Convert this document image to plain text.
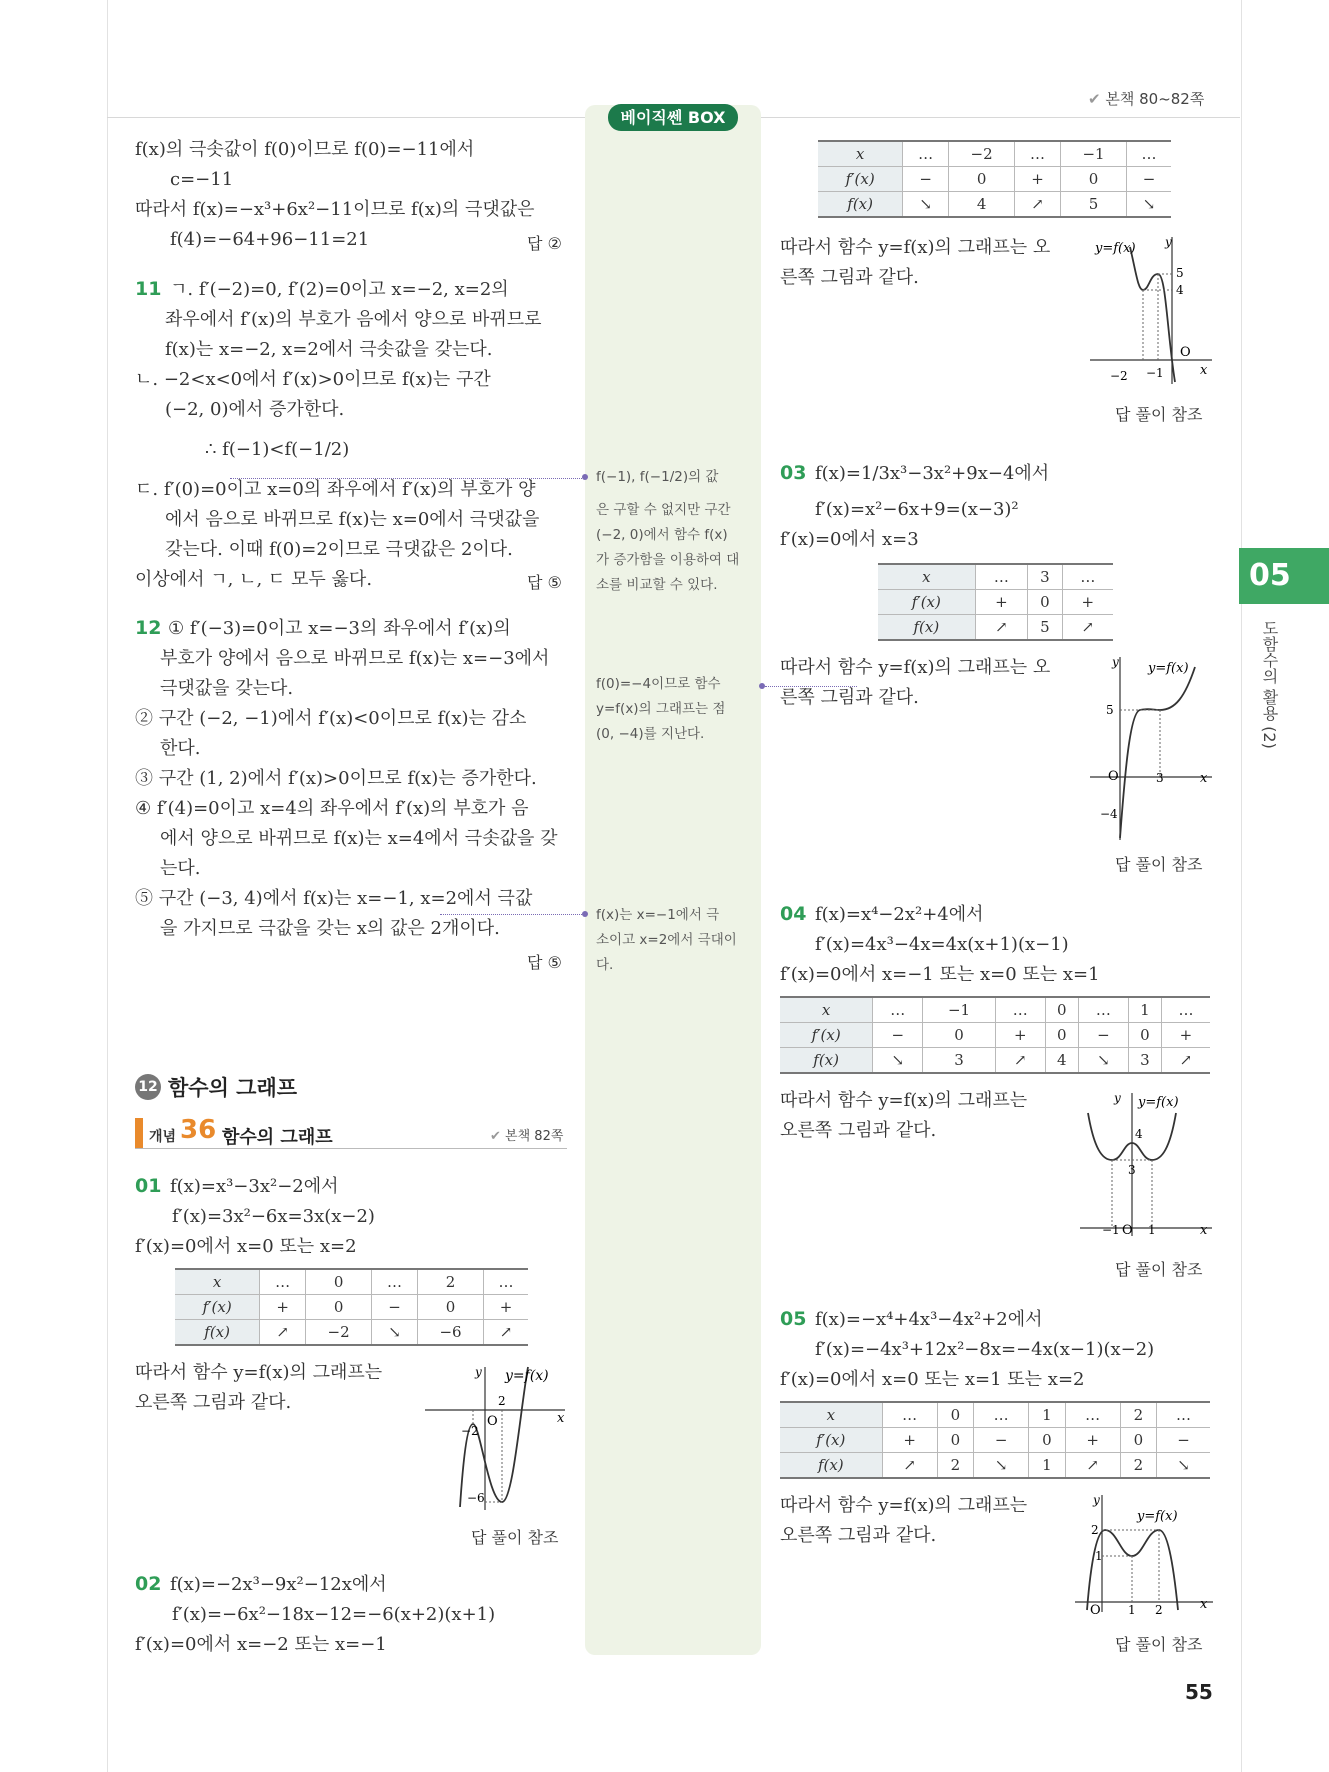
✔ 본책 80~82쪽
베이직쎈 BOX
05
도함수의 활용 (2)
f(x)의 극솟값이 f(0)이므로 f(0)=−11에서
c=−11
따라서 f(x)=−x³+6x²−11이므로 f(x)의 극댓값은
f(4)=−64+96−11=21	답 ②
11 ㄱ. f′(−2)=0, f′(2)=0이고 x=−2, x=2의
좌우에서 f′(x)의 부호가 음에서 양으로 바뀌므로
f(x)는 x=−2, x=2에서 극솟값을 갖는다.
ㄴ. −2<x<0에서 f′(x)>0이므로 f(x)는 구간
(−2, 0)에서 증가한다.
∴ f(−1)<f(−1/2)
ㄷ. f′(0)=0이고 x=0의 좌우에서 f′(x)의 부호가 양
에서 음으로 바뀌므로 f(x)는 x=0에서 극댓값을
갖는다. 이때 f(0)=2이므로 극댓값은 2이다.
이상에서 ㄱ, ㄴ, ㄷ 모두 옳다.	답 ⑤
12 ① f′(−3)=0이고 x=−3의 좌우에서 f′(x)의
부호가 양에서 음으로 바뀌므로 f(x)는 x=−3에서
극댓값을 갖는다.
② 구간 (−2, −1)에서 f′(x)<0이므로 f(x)는 감소
한다.
③ 구간 (1, 2)에서 f′(x)>0이므로 f(x)는 증가한다.
④ f′(4)=0이고 x=4의 좌우에서 f′(x)의 부호가 음
에서 양으로 바뀌므로 f(x)는 x=4에서 극솟값을 갖
는다.
⑤ 구간 (−3, 4)에서 f(x)는 x=−1, x=2에서 극값
을 가지므로 극값을 갖는 x의 값은 2개이다.
답 ⑤
12 함수의 그래프
개념 36 함수의 그래프	✔ 본책 82쪽
01 f(x)=x³−3x²−2에서
f′(x)=3x²−6x=3x(x−2)
f′(x)=0에서 x=0 또는 x=2
x	…	0	…	2	…
f′(x)	+	0	−	0	+
f(x)	↗	−2	↘	−6	↗
따라서 함수 y=f(x)의 그래프는
오른쪽 그림과 같다.
y y=f(x)
O	x
2
−2
−6
답 풀이 참조
02 f(x)=−2x³−9x²−12x에서
f′(x)=−6x²−18x−12=−6(x+2)(x+1)
f′(x)=0에서 x=−2 또는 x=−1
f(−1), f(−1/2)의 값
은 구할 수 없지만 구간
(−2, 0)에서 함수 f(x)
가 증가함을 이용하여 대
소를 비교할 수 있다.
f(0)=−4이므로 함수
y=f(x)의 그래프는 점
(0, −4)를 지난다.
f(x)는 x=−1에서 극
소이고 x=2에서 극대이
다.
x	…	−2	…	−1	…
f′(x)	−	0	+	0	−
f(x)	↘	4	↗	5	↘
따라서 함수 y=f(x)의 그래프는 오
른쪽 그림과 같다.
y=f(x) y
5
4
O
x
−2 −1
답 풀이 참조
03 f(x)=1/3x³−3x²+9x−4에서
f′(x)=x²−6x+9=(x−3)²
f′(x)=0에서 x=3
x	…	3	…
f′(x)	+	0	+
f(x)	↗	5	↗
따라서 함수 y=f(x)의 그래프는 오
른쪽 그림과 같다.
y y=f(x)
5
O	3	x
−4
답 풀이 참조
04 f(x)=x⁴−2x²+4에서
f′(x)=4x³−4x=4x(x+1)(x−1)
f′(x)=0에서 x=−1 또는 x=0 또는 x=1
x	…	−1	…	0	…	1	…
f′(x)	−	0	+	0	−	0	+
f(x)	↘	3	↗	4	↘	3	↗
따라서 함수 y=f(x)의 그래프는
오른쪽 그림과 같다.
y y=f(x)
4
3
−1 O 1	x
답 풀이 참조
05 f(x)=−x⁴+4x³−4x²+2에서
f′(x)=−4x³+12x²−8x=−4x(x−1)(x−2)
f′(x)=0에서 x=0 또는 x=1 또는 x=2
x	…	0	…	1	…	2	…
f′(x)	+	0	−	0	+	0	−
f(x)	↗	2	↘	1	↗	2	↘
따라서 함수 y=f(x)의 그래프는
오른쪽 그림과 같다.
y
y=f(x)
2
1
O 1 2	x
답 풀이 참조
55
